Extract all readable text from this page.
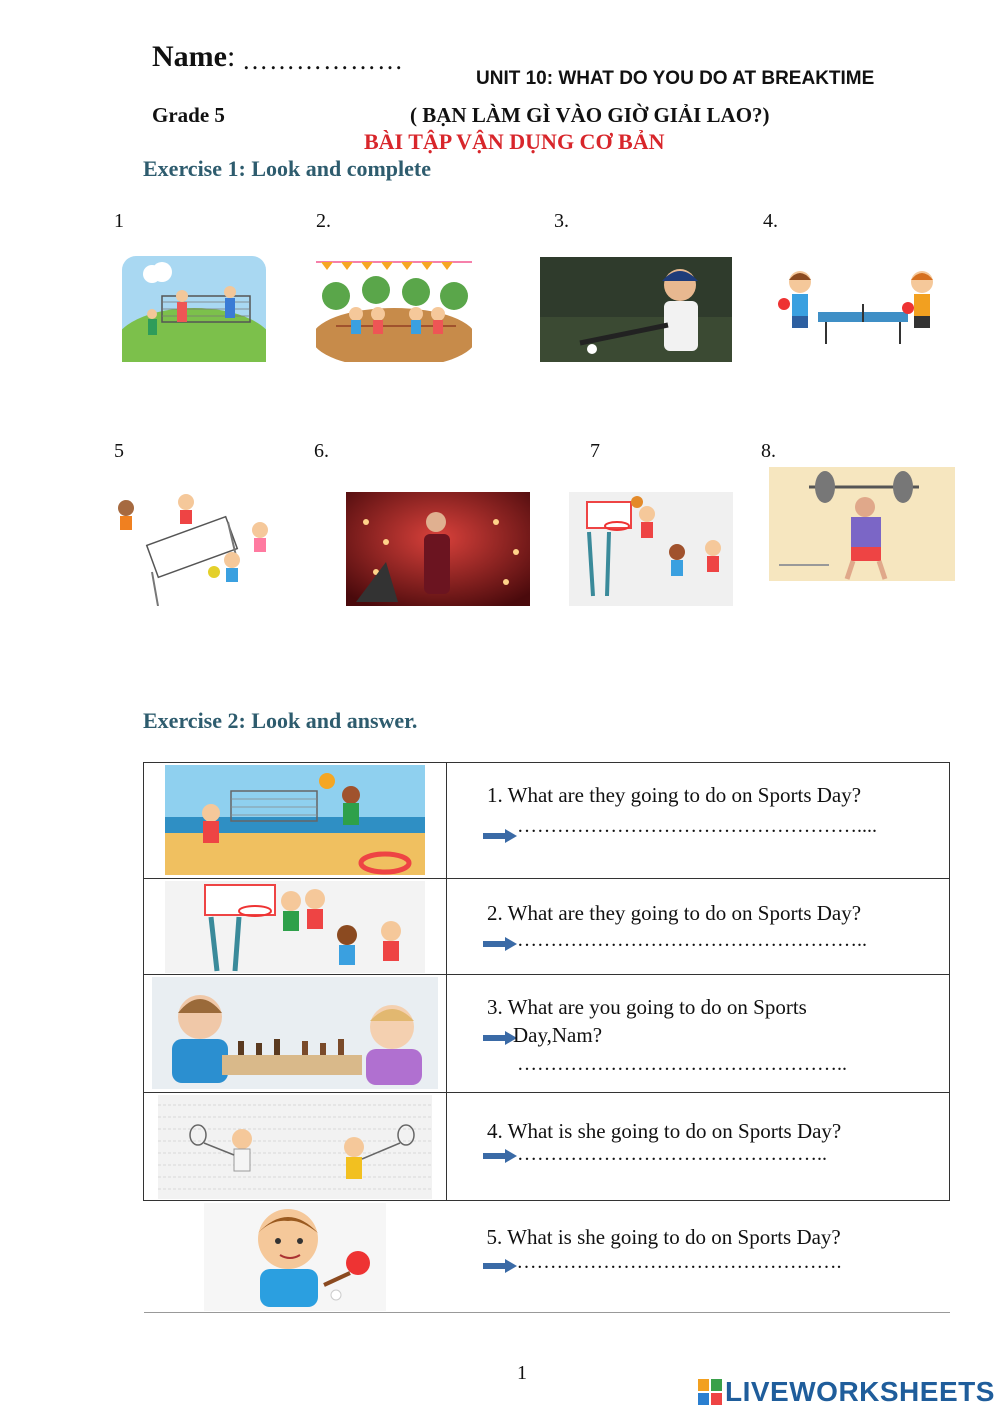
Name: ………………
UNIT 10: WHAT DO YOU DO AT BREAKTIME
Grade 5	( BẠN LÀM GÌ VÀO GIỜ GIẢI LAO?)
BÀI TẬP VẬN DỤNG CƠ BẢN
Exercise 1: Look and complete
1	2.	3.	4.
5	6.	7	8.
Exercise 2: Look and answer.

1. What are they going to do on Sports Day?
……………………………………………....

2. What are they going to do on Sports Day?
……………………………………………..

3. What are you going to do on Sports
Day,Nam?
…………………………………………..

4. What is she going to do on Sports Day?
………………………………………..

5. What is she going to do on Sports Day?
………………………………………….
1
LIVEWORKSHEETS
